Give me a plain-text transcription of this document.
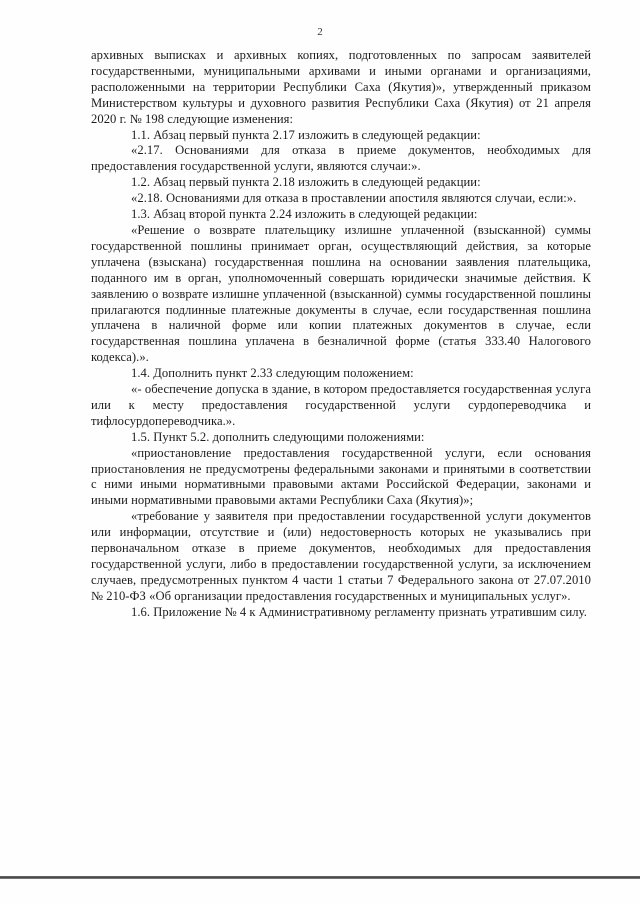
2

архивных выписках и архивных копиях, подготовленных по запросам заявителей государственными, муниципальными архивами и иными органами и организациями, расположенными на территории Республики Саха (Якутия)», утвержденный приказом Министерством культуры и духовного развития Республики Саха (Якутия) от 21 апреля 2020 г. № 198 следующие изменения:

1.1. Абзац первый пункта 2.17 изложить в следующей редакции:

«2.17. Основаниями для отказа в приеме документов, необходимых для предоставления государственной услуги, являются случаи:».

1.2. Абзац первый пункта 2.18 изложить в следующей редакции:

«2.18. Основаниями для отказа в проставлении апостиля являются случаи, если:».

1.3. Абзац второй пункта 2.24 изложить в следующей редакции:

«Решение о возврате плательщику излишне уплаченной (взысканной) суммы государственной пошлины принимает орган, осуществляющий действия, за которые уплачена (взыскана) государственная пошлина на основании заявления плательщика, поданного им в орган, уполномоченный совершать юридически значимые действия. К заявлению о возврате излишне уплаченной (взысканной) суммы государственной пошлины прилагаются подлинные платежные документы в случае, если государственная пошлина уплачена в наличной форме или копии платежных документов в случае, если государственная пошлина уплачена в безналичной форме (статья 333.40 Налогового кодекса).».

1.4. Дополнить пункт 2.33 следующим положением:

«- обеспечение допуска в здание, в котором предоставляется государственная услуга или к месту предоставления государственной услуги сурдопереводчика и тифлосурдопереводчика.».

1.5. Пункт 5.2. дополнить следующими положениями:

«приостановление предоставления государственной услуги, если основания приостановления не предусмотрены федеральными законами и принятыми в соответствии с ними иными нормативными правовыми актами Российской Федерации, законами и иными нормативными правовыми актами Республики Саха (Якутия)»;

«требование у заявителя при предоставлении государственной услуги документов или информации, отсутствие и (или) недостоверность которых не указывались при первоначальном отказе в приеме документов, необходимых для предоставления государственной услуги, либо в предоставлении государственной услуги, за исключением случаев, предусмотренных пунктом 4 части 1 статьи 7 Федерального закона от 27.07.2010 № 210-ФЗ «Об организации предоставления государственных и муниципальных услуг».

1.6. Приложение № 4 к Административному регламенту признать утратившим силу.
